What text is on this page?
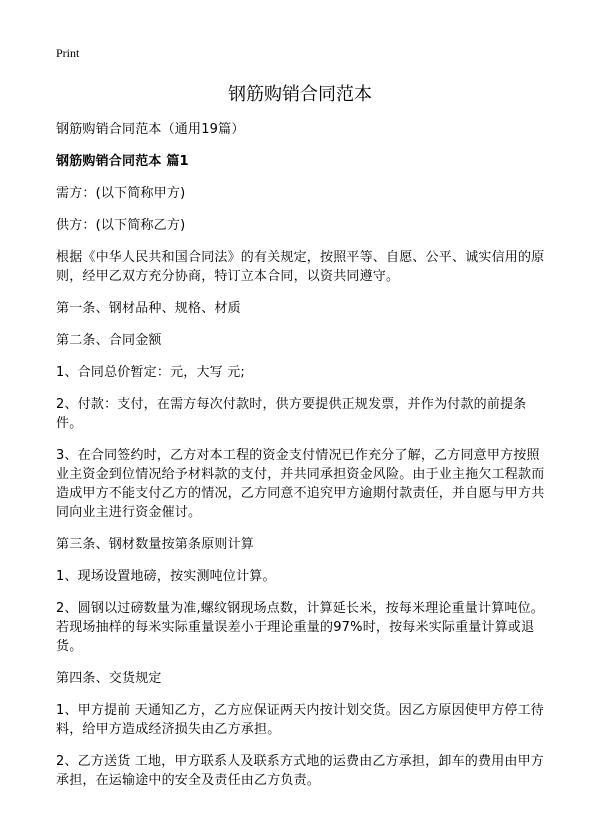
Print
钢筋购销合同范本

钢筋购销合同范本（通用19篇）

钢筋购销合同范本 篇1

需方：(以下简称甲方)

供方：(以下简称乙方)

根据《中华人民共和国合同法》的有关规定，按照平等、自愿、公平、诚实信用的原则，经甲乙双方充分协商，特订立本合同，以资共同遵守。

第一条、钢材品种、规格、材质

第二条、合同金额

1、合同总价暂定：元，大写 元;

2、付款：支付，在需方每次付款时，供方要提供正规发票，并作为付款的前提条件。

3、在合同签约时，乙方对本工程的资金支付情况已作充分了解，乙方同意甲方按照业主资金到位情况给予材料款的支付，并共同承担资金风险。由于业主拖欠工程款而造成甲方不能支付乙方的情况，乙方同意不追究甲方逾期付款责任，并自愿与甲方共同向业主进行资金催讨。

第三条、钢材数量按第条原则计算

1、现场设置地磅，按实测吨位计算。

2、圆钢以过磅数量为准,螺纹钢现场点数，计算延长米，按每米理论重量计算吨位。若现场抽样的每米实际重量误差小于理论重量的97%时，按每米实际重量计算或退货。

第四条、交货规定

1、甲方提前 天通知乙方，乙方应保证两天内按计划交货。因乙方原因使甲方停工待料，给甲方造成经济损失由乙方承担。

2、乙方送货 工地，甲方联系人及联系方式地的运费由乙方承担，卸车的费用由甲方承担，在运输途中的安全及责任由乙方负责。
